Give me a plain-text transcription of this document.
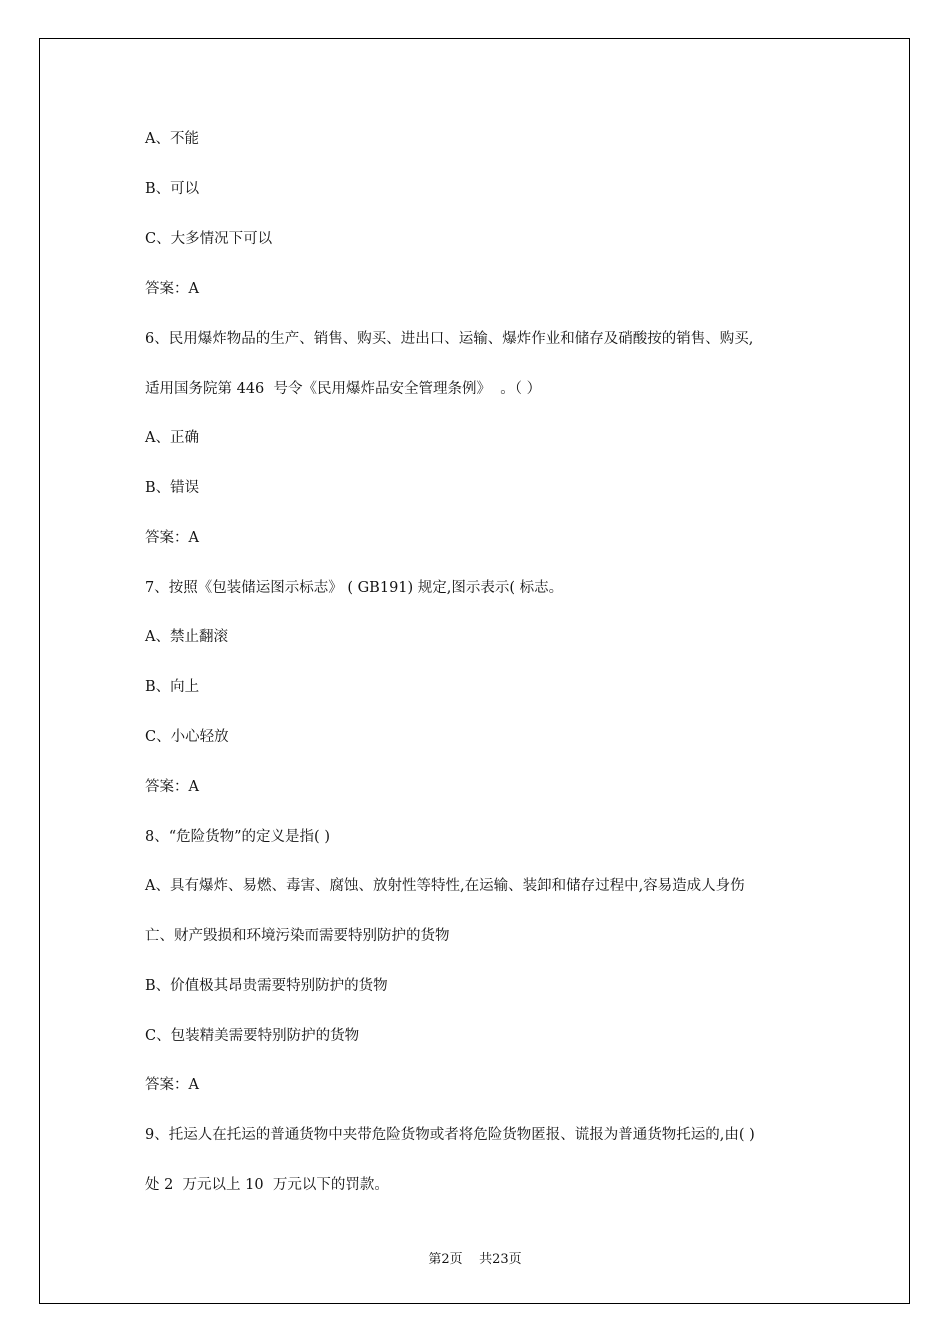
A、不能
B、可以
C、大多情况下可以
答案：A
6、民用爆炸物品的生产、销售、购买、进出口、运输、爆炸作业和储存及硝酸按的销售、购买,
适用国务院第 446  号令《民用爆炸品安全管理条例》  。（ ）
A、正确
B、错误
答案：A
7、按照《包装储运图示标志》 ( GB191) 规定,图示表示( 标志。
A、禁止翻滚
B、向上
C、小心轻放
答案：A
8、“危险货物”的定义是指( )
A、具有爆炸、易燃、毒害、腐蚀、放射性等特性,在运输、装卸和储存过程中,容易造成人身伤
亡、财产毁损和环境污染而需要特别防护的货物
B、价值极其昂贵需要特别防护的货物
C、包装精美需要特别防护的货物
答案：A
9、托运人在托运的普通货物中夹带危险货物或者将危险货物匿报、谎报为普通货物托运的,由( )
处 2  万元以上 10  万元以下的罚款。
第2页    共23页
